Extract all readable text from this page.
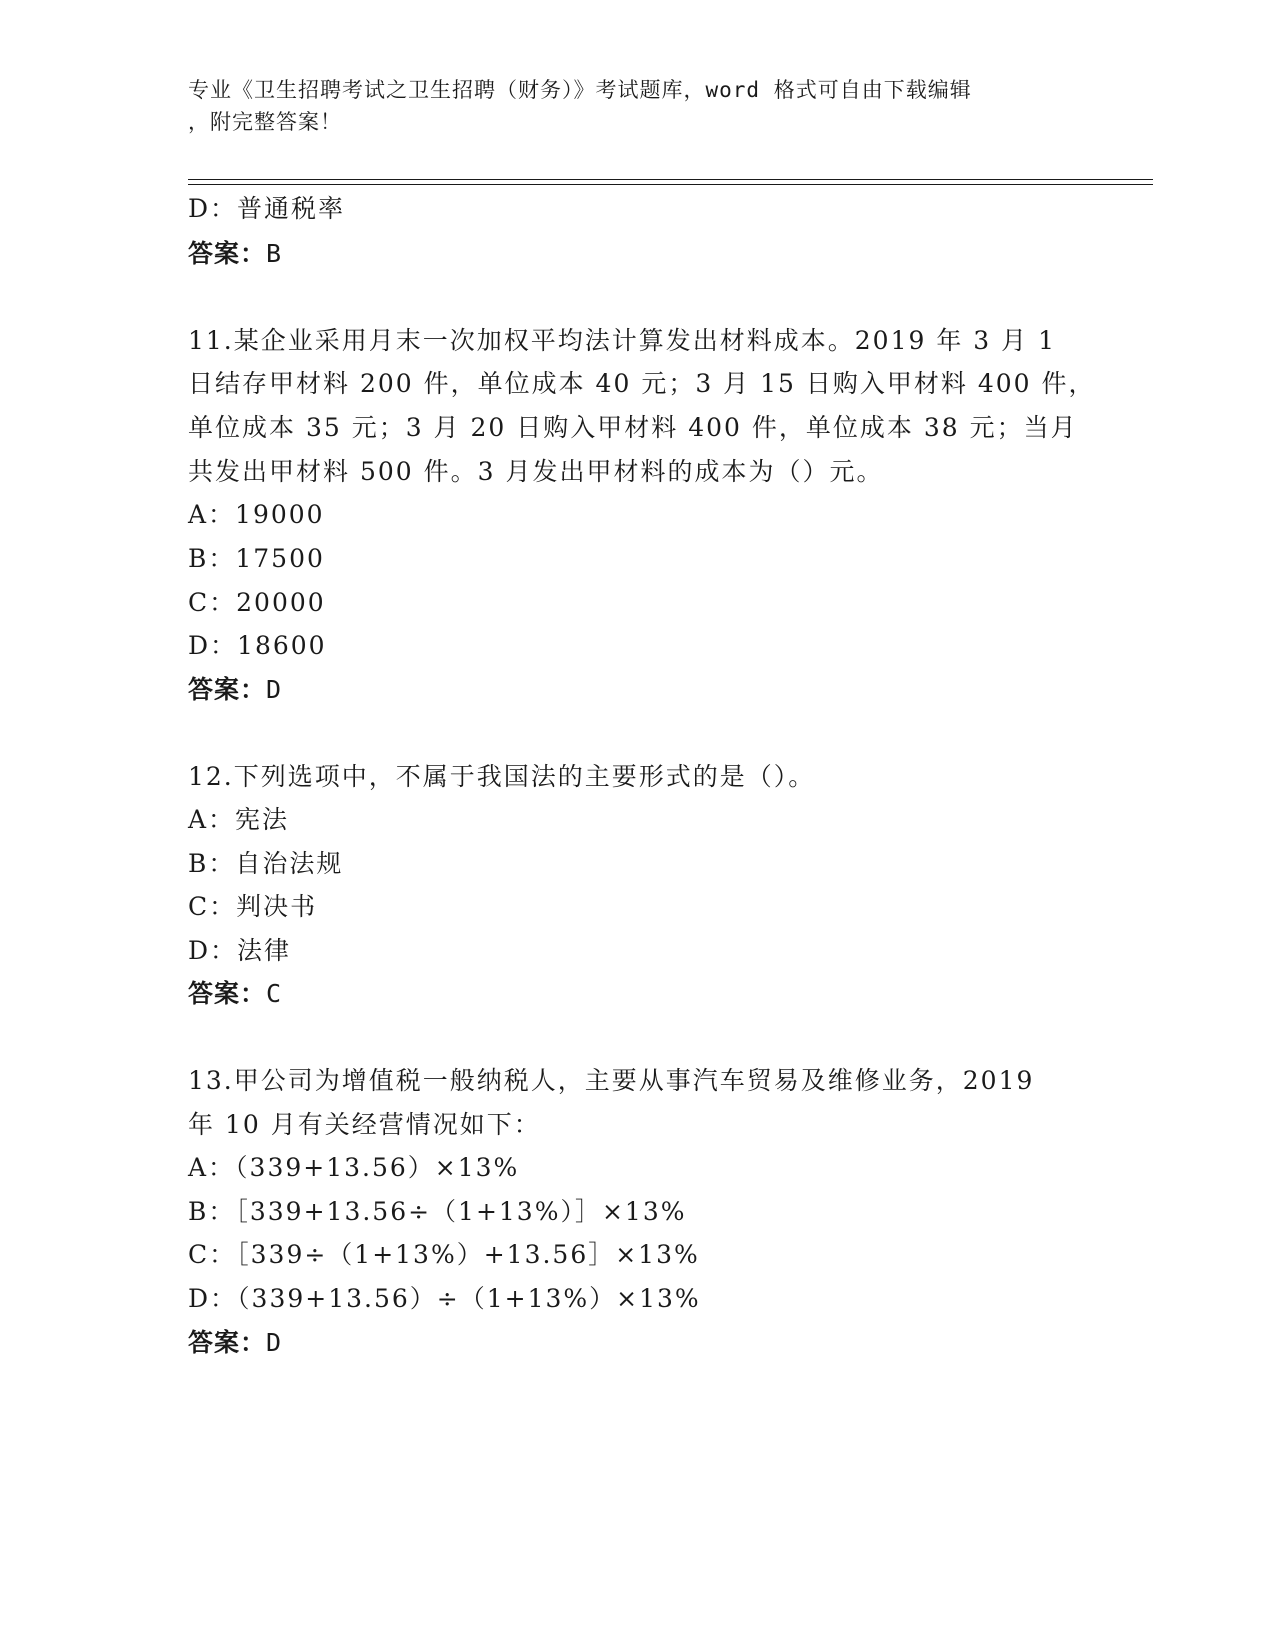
专业《卫生招聘考试之卫生招聘（财务）》考试题库，word 格式可自由下载编辑
，附完整答案！
D：普通税率
答案：B
11.某企业采用月末一次加权平均法计算发出材料成本。2019 年 3 月 1
日结存甲材料 200 件，单位成本 40 元；3 月 15 日购入甲材料 400 件，
单位成本 35 元；3 月 20 日购入甲材料 400 件，单位成本 38 元；当月
共发出甲材料 500 件。3 月发出甲材料的成本为（）元。
A：19000
B：17500
C：20000
D：18600
答案：D
12.下列选项中，不属于我国法的主要形式的是（）。
A：宪法
B：自治法规
C：判决书
D：法律
答案：C
13.甲公司为增值税一般纳税人，主要从事汽车贸易及维修业务，2019
年 10 月有关经营情况如下：
A：（339+13.56）×13%
B：［339+13.56÷（1+13%）］×13%
C：［339÷（1+13%）+13.56］×13%
D：（339+13.56）÷（1+13%）×13%
答案：D
